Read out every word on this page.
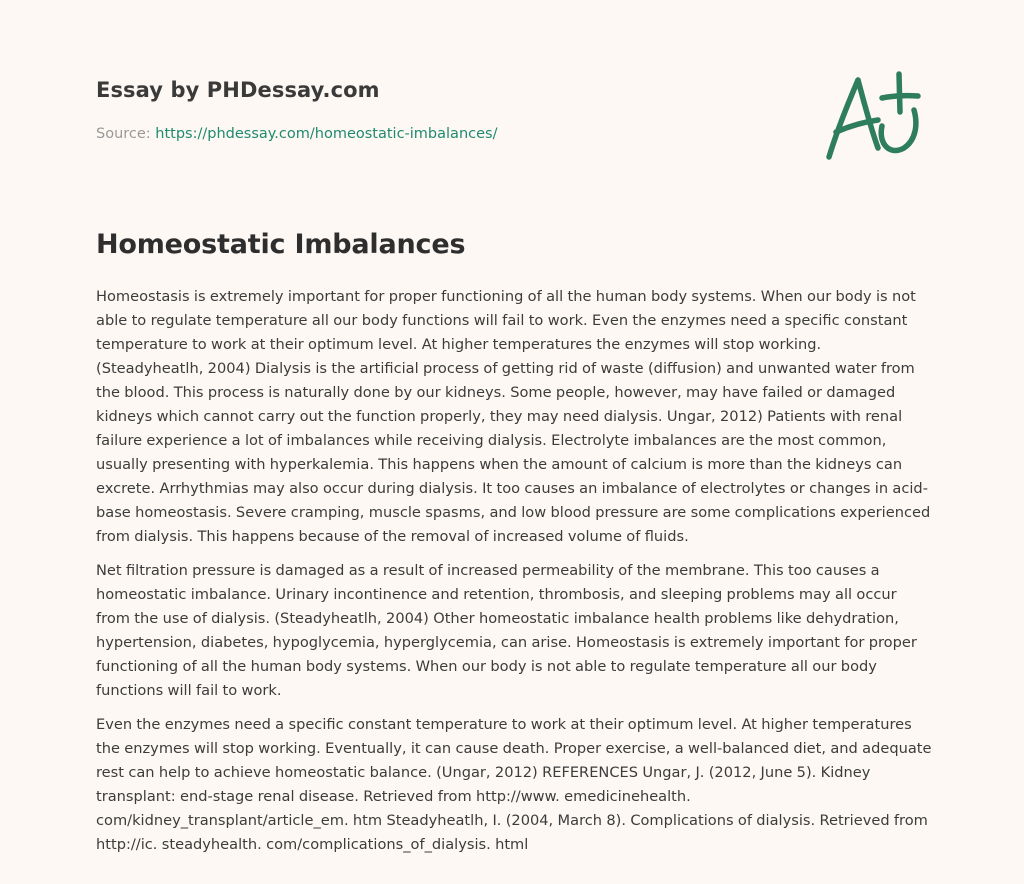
Essay by PHDessay.com
Source: https://phdessay.com/homeostatic-imbalances/
Homeostatic Imbalances

Homeostasis is extremely important for proper functioning of all the human body systems. When our body is not able to regulate temperature all our body functions will fail to work. Even the enzymes need a specific constant temperature to work at their optimum level. At higher temperatures the enzymes will stop working. (Steadyheatlh, 2004) Dialysis is the artificial process of getting rid of waste (diffusion) and unwanted water from the blood. This process is naturally done by our kidneys. Some people, however, may have failed or damaged kidneys which cannot carry out the function properly, they may need dialysis. Ungar, 2012) Patients with renal failure experience a lot of imbalances while receiving dialysis. Electrolyte imbalances are the most common, usually presenting with hyperkalemia. This happens when the amount of calcium is more than the kidneys can excrete. Arrhythmias may also occur during dialysis. It too causes an imbalance of electrolytes or changes in acid-base homeostasis. Severe cramping, muscle spasms, and low blood pressure are some complications experienced from dialysis. This happens because of the removal of increased volume of fluids.

Net filtration pressure is damaged as a result of increased permeability of the membrane. This too causes a homeostatic imbalance. Urinary incontinence and retention, thrombosis, and sleeping problems may all occur from the use of dialysis. (Steadyheatlh, 2004) Other homeostatic imbalance health problems like dehydration, hypertension, diabetes, hypoglycemia, hyperglycemia, can arise. Homeostasis is extremely important for proper functioning of all the human body systems. When our body is not able to regulate temperature all our body functions will fail to work.

Even the enzymes need a specific constant temperature to work at their optimum level. At higher temperatures the enzymes will stop working. Eventually, it can cause death. Proper exercise, a well-balanced diet, and adequate rest can help to achieve homeostatic balance. (Ungar, 2012) REFERENCES Ungar, J. (2012, June 5). Kidney transplant: end-stage renal disease. Retrieved from http://www. emedicinehealth. com/kidney_transplant/article_em. htm Steadyheatlh, I. (2004, March 8). Complications of dialysis. Retrieved from http://ic. steadyhealth. com/complications_of_dialysis. html
